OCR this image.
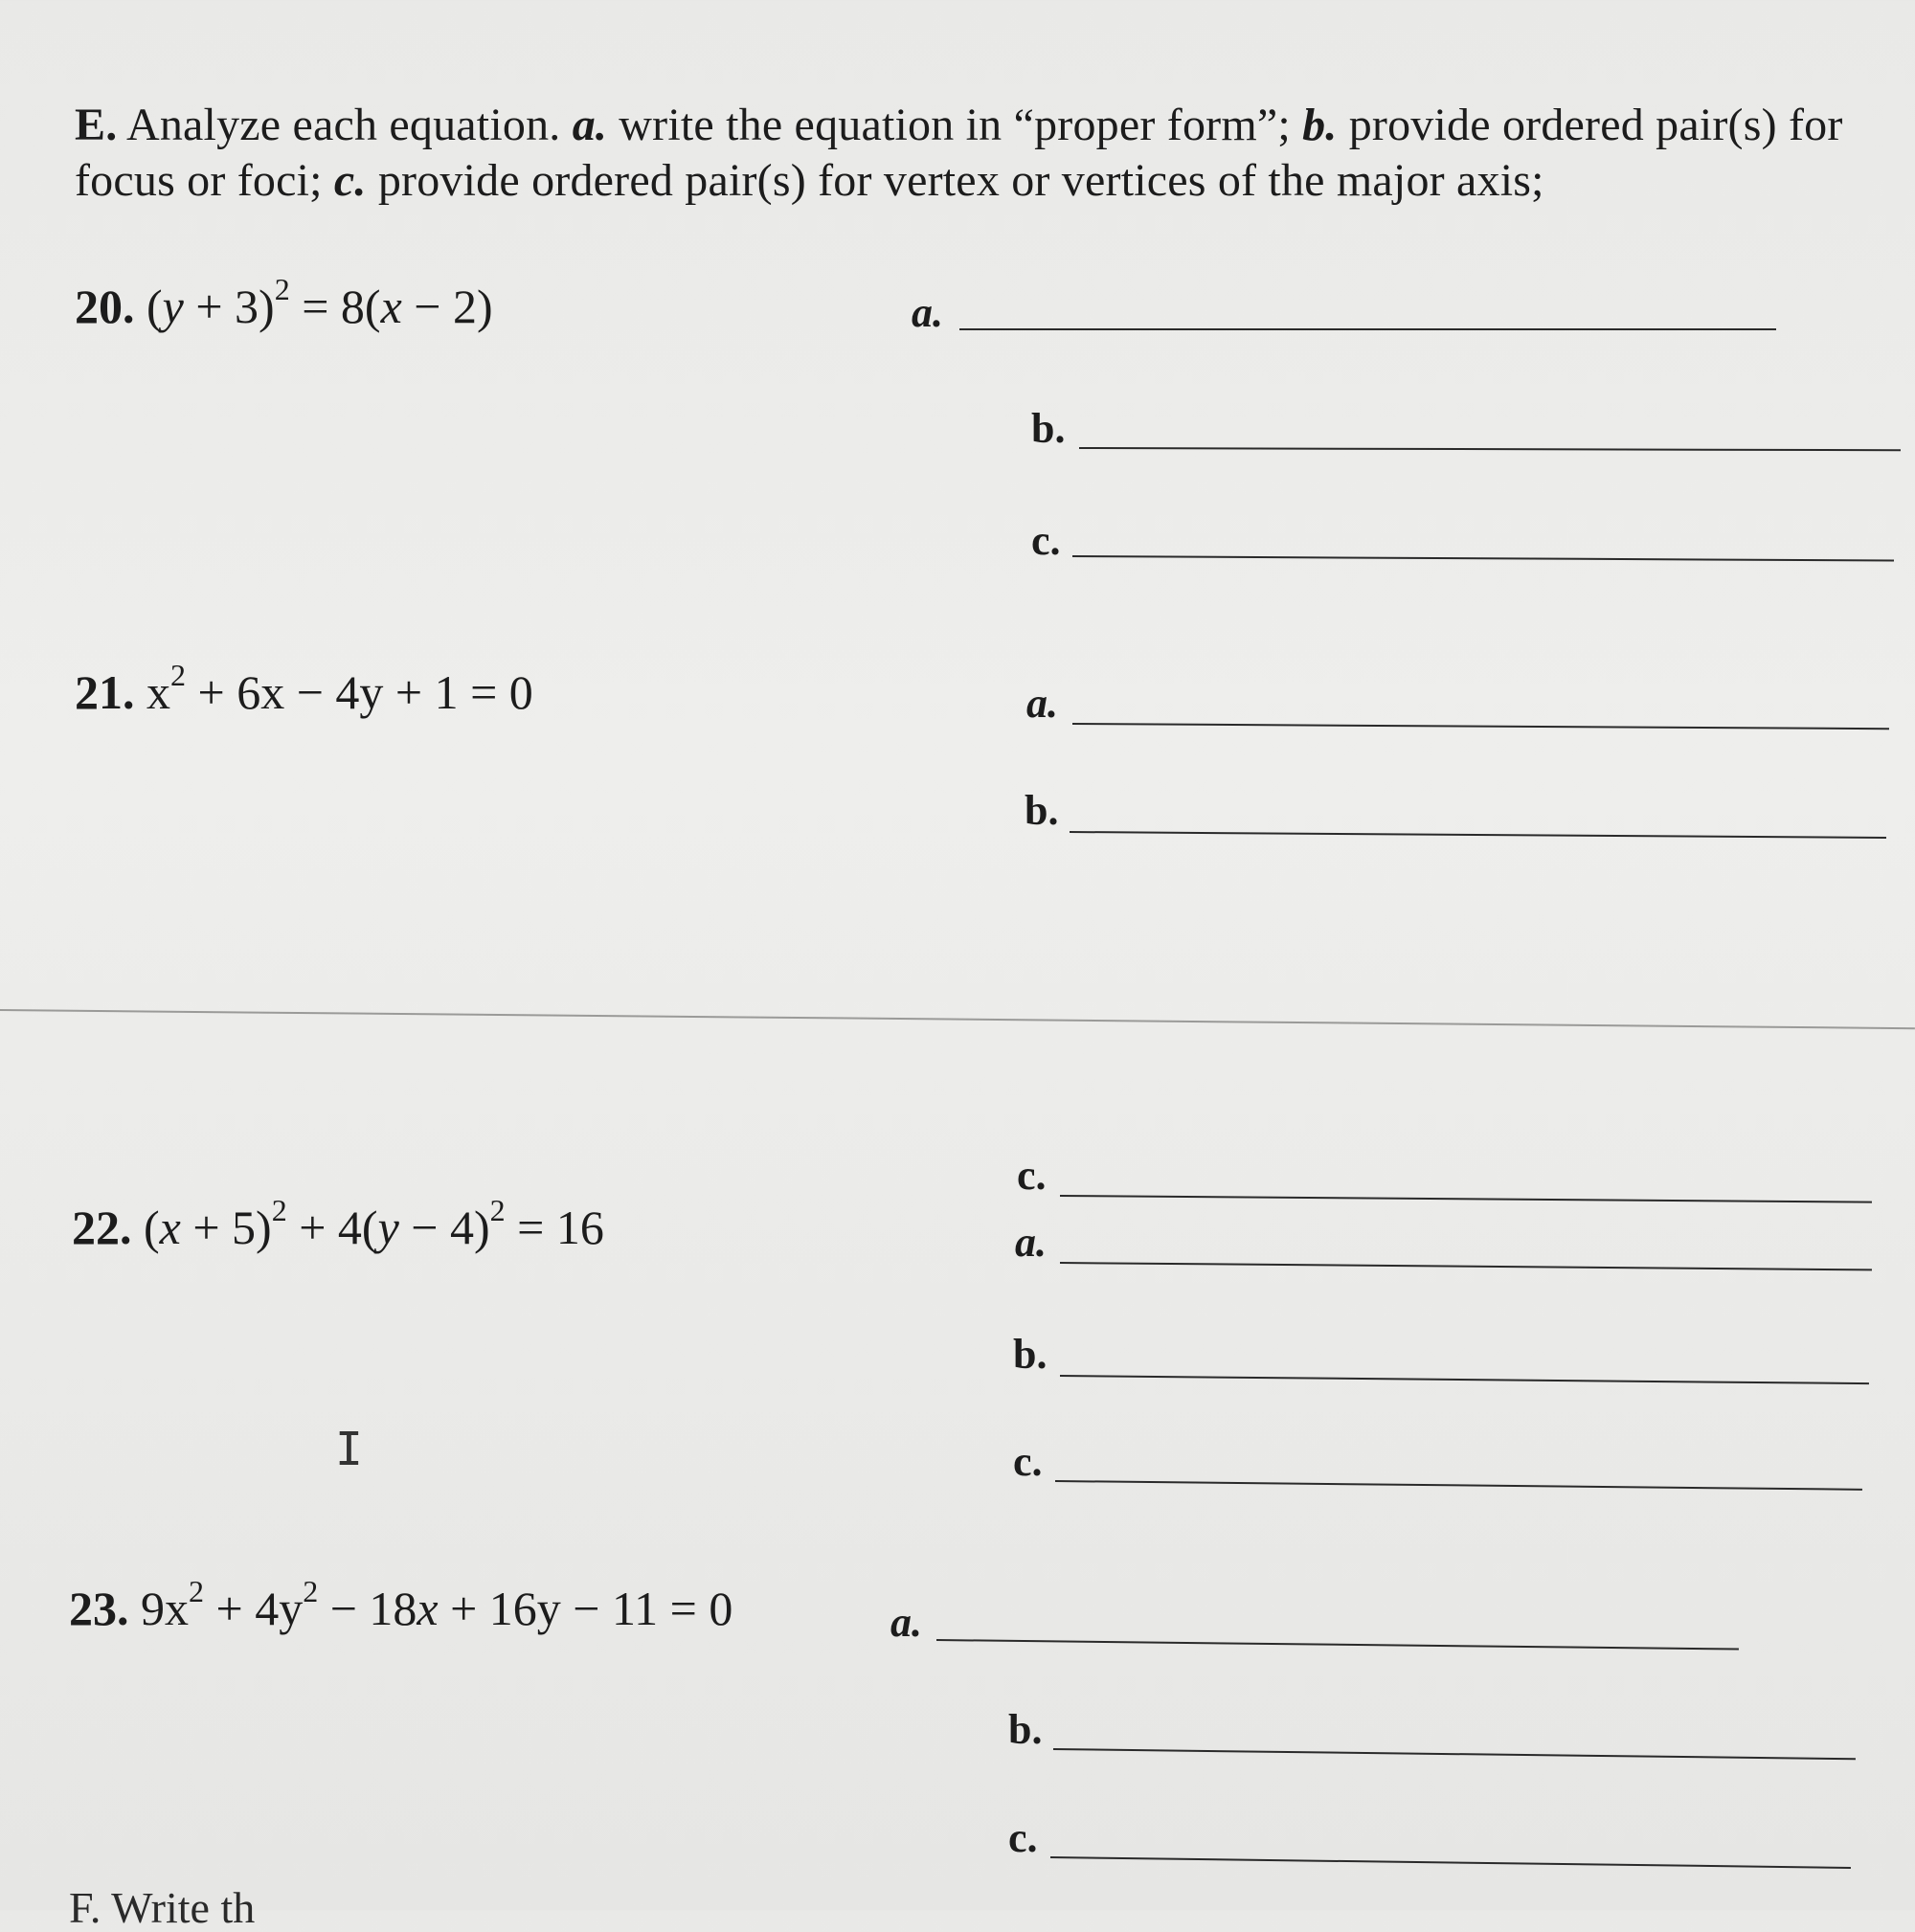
E. Analyze each equation. a. write the equation in “proper form”; b. provide ordered pair(s) for focus or foci; c. provide ordered pair(s) for vertex or vertices of the major axis;
20. $(y + 3)^2 = 8(x - 2)$	a.
b.
c.
21. $x^2 + 6x - 4y + 1 = 0$	a.
b.
c.
22. $(x + 5)^2 + 4(y - 4)^2 = 16$	a.
b.
I	c.
23. $9x^2 + 4y^2 - 18x + 16y - 11 = 0$	a.
b.
c.
F. Write th
